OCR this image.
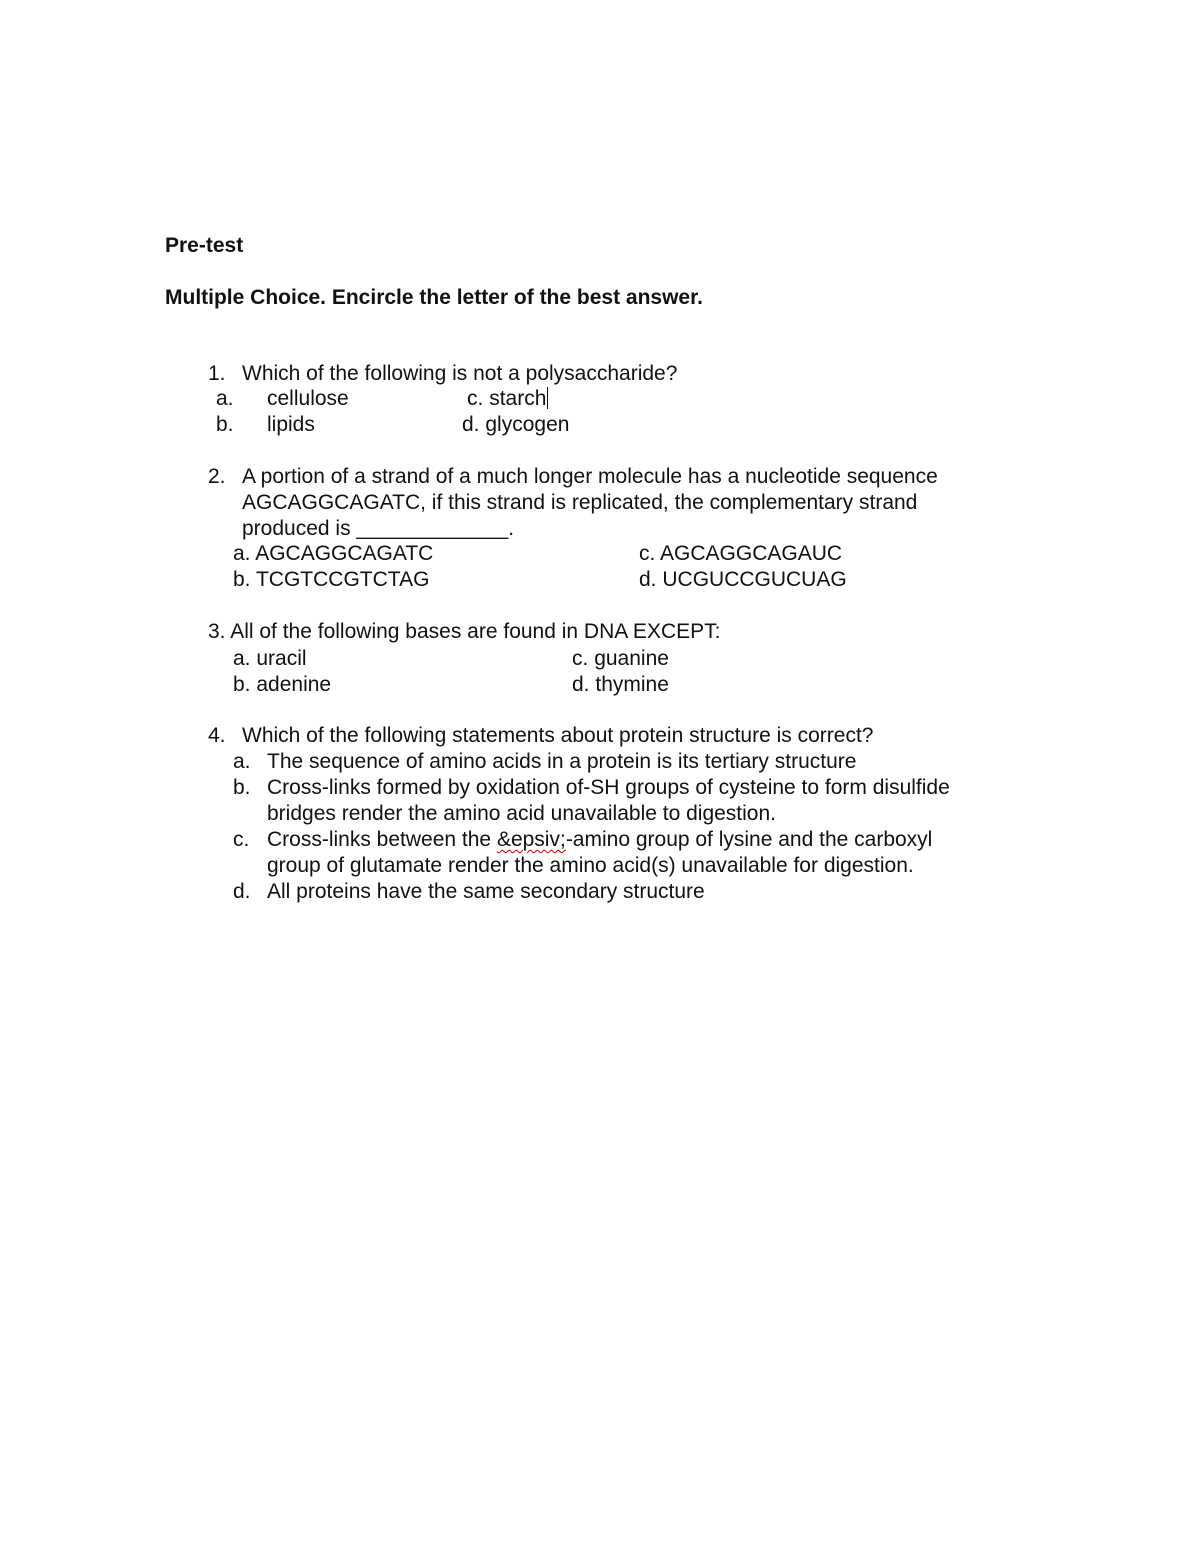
Pre-test
Multiple Choice. Encircle the letter of the best answer.
1. Which of the following is not a polysaccharide?
a. cellulose
b. lipids
c. starch
d. glycogen
2. A portion of a strand of a much longer molecule has a nucleotide sequence
AGCAGGCAGATC, if this strand is replicated, the complementary strand
produced is _____________.
a. AGCAGGCAGATC
b. TCGTCCGTCTAG
c. AGCAGGCAGAUC
d. UCGUCCGUCUAG
3. All of the following bases are found in DNA EXCEPT:
a. uracil
b. adenine
c. guanine
d. thymine
4. Which of the following statements about protein structure is correct?
a. The sequence of amino acids in a protein is its tertiary structure
b. Cross-links formed by oxidation of-SH groups of cysteine to form disulfide
bridges render the amino acid unavailable to digestion.
c. Cross-links between the &epsiv;-amino group of lysine and the carboxyl
group of glutamate render the amino acid(s) unavailable for digestion.
d. All proteins have the same secondary structure
